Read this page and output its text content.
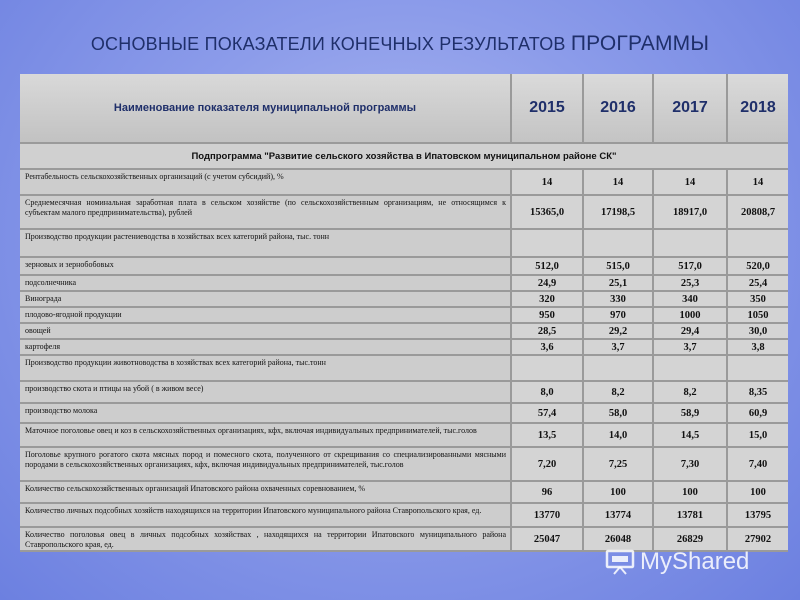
ОСНОВНЫЕ ПОКАЗАТЕЛИ КОНЕЧНЫХ РЕЗУЛЬТАТОВ ПРОГРАММЫ
Наименование показателя муниципальной программы	2015	2016	2017	2018
Подпрограмма "Развитие сельского хозяйства в Ипатовском муниципальном районе СК"
Рентабельность сельскохозяйственных организаций (с учетом субсидий), %	14	14	14	14
Среднемесячная номинальная заработная плата в сельском хозяйстве (по сельскохозяйственным организациям, не относящимся к субъектам малого предпринимательства), рублей	15365,0	17198,5	18917,0	20808,7
Производство продукции растениеводства в хозяйствах всех категорий района, тыс. тонн
зерновых и зернобобовых	512,0	515,0	517,0	520,0
подсолнечника	24,9	25,1	25,3	25,4
Винограда	320	330	340	350
плодово-ягодной продукции	950	970	1000	1050
овощей	28,5	29,2	29,4	30,0
картофеля	3,6	3,7	3,7	3,8
Производство продукции животноводства в хозяйствах всех категорий района, тыс.тонн
производство скота и птицы на убой ( в живом весе)	8,0	8,2	8,2	8,35
производство молока	57,4	58,0	58,9	60,9
Маточное поголовье овец и коз в сельскохозяйственных организациях, кфх, включая индивидуальных предпринимателей, тыс.голов	13,5	14,0	14,5	15,0
Поголовье крупного рогатого скота мясных пород и помесного скота, полученного от скрещивания со специализированными мясными породами в сельскохозяйственных организациях, кфх, включая индивидуальных предпринимателей, тыс.голов	7,20	7,25	7,30	7,40
Количество сельскохозяйственных организаций Ипатовского района охваченных соревнованием, %	96	100	100	100
Количество личных подсобных хозяйств находящихся на территории Ипатовского муниципального района Ставропольского края, ед.	13770	13774	13781	13795
Количество поголовья овец в личных подсобных хозяйствах , находящихся на территории Ипатовского муниципального района Ставропольского края, ед.	25047	26048	26829	27902
MyShared
